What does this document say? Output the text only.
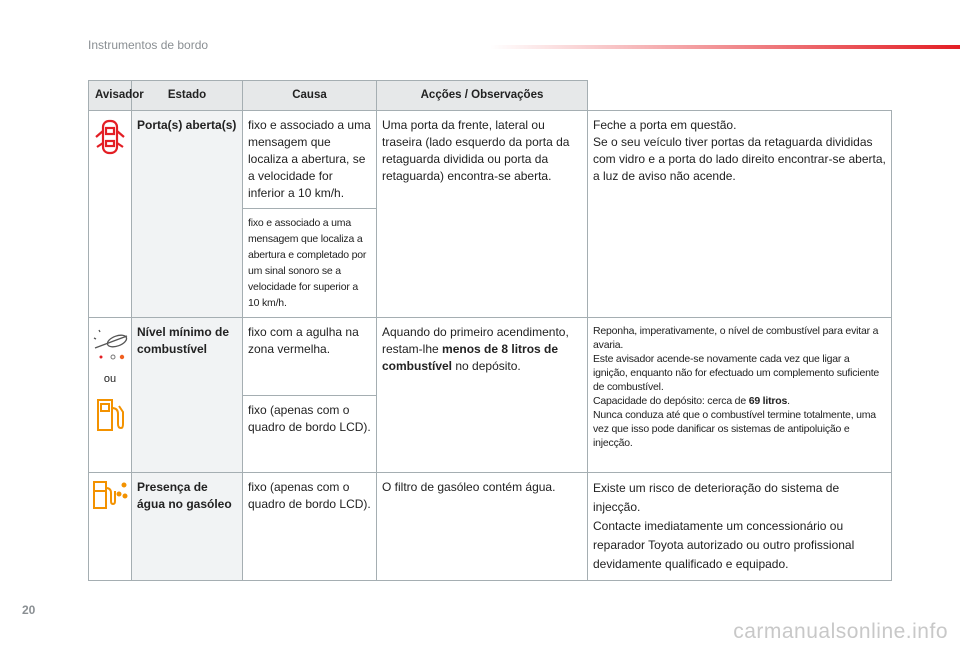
Instrumentos de bordo
Avisador	Estado	Causa	Acções / Observações	
	Porta(s) aberta(s)	fixo e associado a uma mensagem que localiza a abertura, se a velocidade for inferior a 10 km/h.	Uma porta da frente, lateral ou traseira (lado esquerdo da porta da retaguarda dividida ou porta da retaguarda) encontra-se aberta.	Feche a porta em questão.
Se o seu veículo tiver portas da retaguarda divididas com vidro e a porta do lado direito encontrar-se aberta, a luz de aviso não acende.

		fixo e associado a uma mensagem que localiza a abertura e completado por um sinal sonoro se a velocidade for superior a 10 km/h.		

ou	Nível mínimo de combustível	fixo com a agulha na zona vermelha.	Aquando do primeiro acendimento, restam-lhe menos de 8 litros de combustível no depósito.	Reponha, imperativamente, o nível de combustível para evitar a avaria.
Este avisador acende-se novamente cada vez que ligar a ignição, enquanto não for efectuado um complemento suficiente de combustível.
Capacidade do depósito: cerca de 69 litros.
Nunca conduza até que o combustível termine totalmente, uma vez que isso pode danificar os sistemas de antipoluição e injecção.

		fixo (apenas com o quadro de bordo LCD).		
	Presença de água no gasóleo	fixo (apenas com o quadro de bordo LCD).	O filtro de gasóleo contém água.	Existe um risco de deterioração do sistema de injecção.
Contacte imediatamente um concessionário ou reparador Toyota autorizado ou outro profissional devidamente qualificado e equipado.
20
carmanualsonline.info
